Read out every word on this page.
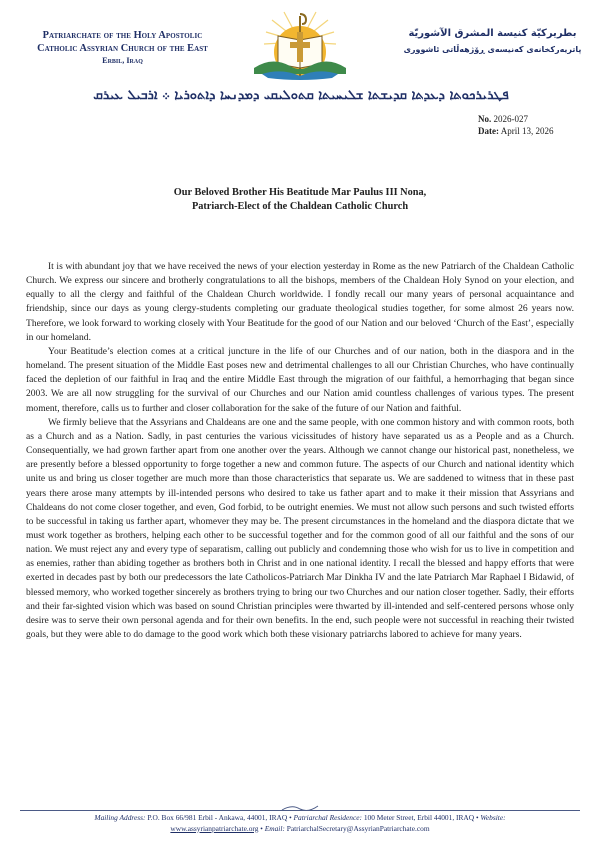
Patriarchate of the Holy Apostolic
Catholic Assyrian Church of the East
Erbil, Iraq
بطريركيّة كنيسة المشرق الآشوريّة
پاتریەرکخانەی کەنیسەی ڕۆژهەڵاتی ئاشووری
ܦܛܪܝܪܟܘܬܐ ܕܥܕܬܐ ܩܕܝܫܬܐ ܫܠܝܚܝܬܐ ܩܬܘܠܝܩܝ ܕܡܕܢܚܐ ܕܐܬܘܪܝܐ ܀ ܐܪܒܝܠ ܥܝܪܩ
No. 2026-027
Date: April 13, 2026
Our Beloved Brother His Beatitude Mar Paulus III Nona,
Patriarch-Elect of the Chaldean Catholic Church

It is with abundant joy that we have received the news of your election yesterday in Rome as the new Patriarch of the Chaldean Catholic Church. We express our sincere and brotherly congratulations to all the bishops, members of the Chaldean Holy Synod on your election, and equally to all the clergy and faithful of the Chaldean Church worldwide. I fondly recall our many years of personal acquaintance and friendship, since our days as young clergy-students completing our graduate theological studies together, for some almost 26 years now. Therefore, we look forward to working closely with Your Beatitude for the good of our Nation and our beloved ‘Church of the East’, especially in our homeland.

Your Beatitude’s election comes at a critical juncture in the life of our Churches and of our nation, both in the diaspora and in the homeland. The present situation of the Middle East poses new and detrimental challenges to all our Christian Churches, who have continually faced the depletion of our faithful in Iraq and the entire Middle East through the migration of our faithful, a hemorrhaging that began since 2003. We are all now struggling for the survival of our Churches and our Nation amid countless challenges of various types. The present moment, therefore, calls us to further and closer collaboration for the sake of the future of our Nation and faithful.

We firmly believe that the Assyrians and Chaldeans are one and the same people, with one common history and with common roots, both as a Church and as a Nation. Sadly, in past centuries the various vicissitudes of history have separated us as a People and as a Church. Consequentially, we had grown farther apart from one another over the years. Although we cannot change our historical past, nonetheless, we are presently before a blessed opportunity to forge together a new and common future. The aspects of our Church and national identity which unite us and bring us closer together are much more than those characteristics that separate us. We are saddened to witness that in these past years there arose many attempts by ill-intended persons who desired to take us father apart and to make it their mission that Assyrians and Chaldeans do not come closer together, and even, God forbid, to be outright enemies. We must not allow such persons and such twisted efforts to be successful in taking us farther apart, whomever they may be. The present circumstances in the homeland and the diaspora dictate that we must work together as brothers, helping each other to be successful together and for the common good of all our faithful and the sons of our nation. We must reject any and every type of separatism, calling out publicly and condemning those who wish for us to live in competition and as enemies, rather than abiding together as brothers both in Christ and in one national identity. I recall the blessed and happy efforts that were exerted in decades past by both our predecessors the late Catholicos-Patriarch Mar Dinkha IV and the late Patriarch Mar Raphael I Bidawid, of blessed memory, who worked together sincerely as brothers trying to bring our two Churches and our nation closer together. Sadly, their efforts and their far-sighted vision which was based on sound Christian principles were thwarted by ill-intended and self-centered persons whose only desire was to serve their own personal agenda and for their own benefits. In the end, such people were not successful in reaching their twisted goals, but they were able to do damage to the good work which both these visionary patriarchs labored to achieve for many years.

Mailing Address: P.O. Box 66/981 Erbil - Ankawa, 44001, IRAQ • Patriarchal Residence: 100 Meter Street, Erbil 44001, IRAQ • Website:
www.assyrianpatriarchate.org • Email: PatriarchalSecretary@AssyrianPatriarchate.com
